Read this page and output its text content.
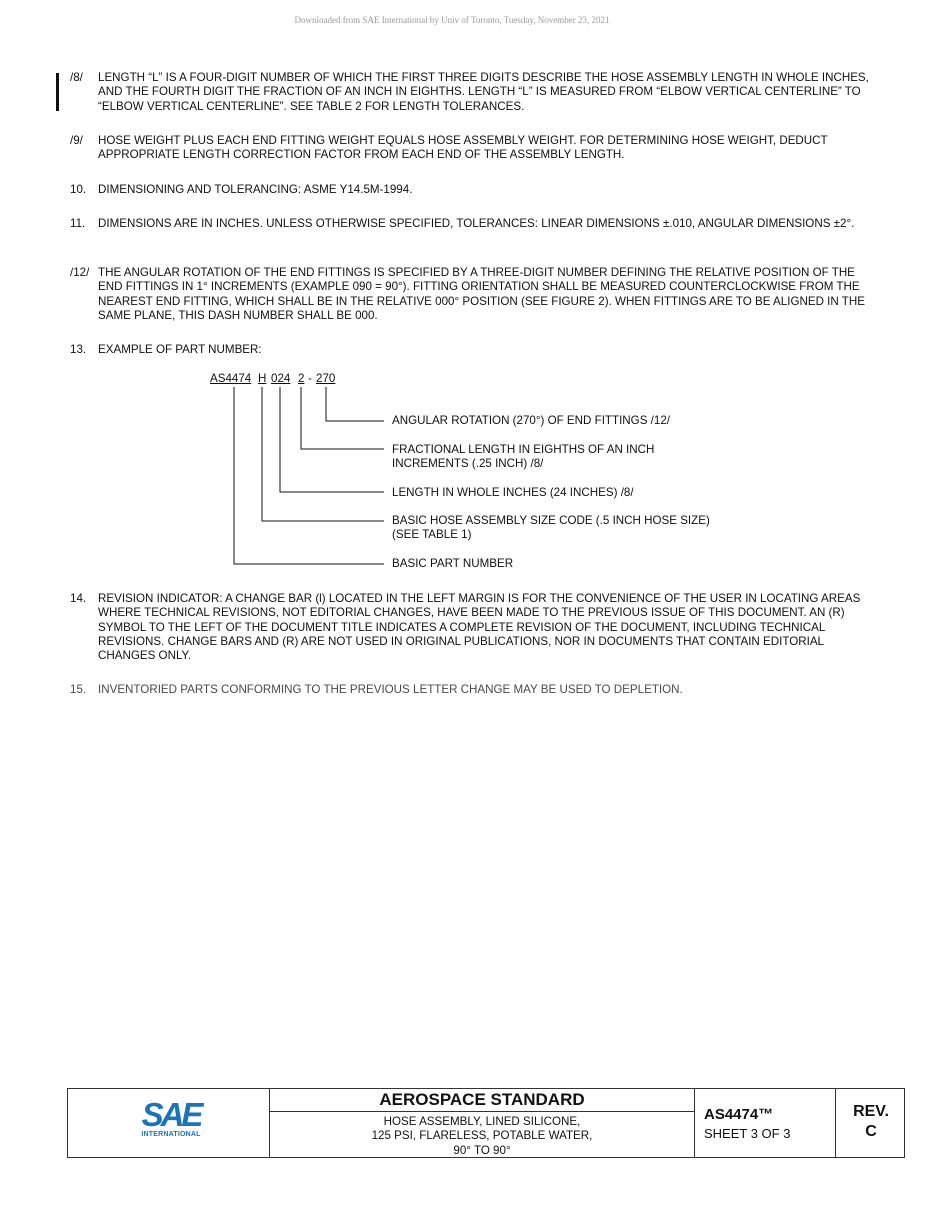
Downloaded from SAE International by Univ of Toronto, Tuesday, November 23, 2021
/8/ LENGTH “L” IS A FOUR-DIGIT NUMBER OF WHICH THE FIRST THREE DIGITS DESCRIBE THE HOSE ASSEMBLY LENGTH IN WHOLE INCHES, AND THE FOURTH DIGIT THE FRACTION OF AN INCH IN EIGHTHS. LENGTH “L” IS MEASURED FROM “ELBOW VERTICAL CENTERLINE” TO “ELBOW VERTICAL CENTERLINE”. SEE TABLE 2 FOR LENGTH TOLERANCES.
/9/ HOSE WEIGHT PLUS EACH END FITTING WEIGHT EQUALS HOSE ASSEMBLY WEIGHT. FOR DETERMINING HOSE WEIGHT, DEDUCT APPROPRIATE LENGTH CORRECTION FACTOR FROM EACH END OF THE ASSEMBLY LENGTH.
10. DIMENSIONING AND TOLERANCING: ASME Y14.5M-1994.
11. DIMENSIONS ARE IN INCHES. UNLESS OTHERWISE SPECIFIED, TOLERANCES: LINEAR DIMENSIONS ±.010, ANGULAR DIMENSIONS ±2°.
/12/ THE ANGULAR ROTATION OF THE END FITTINGS IS SPECIFIED BY A THREE-DIGIT NUMBER DEFINING THE RELATIVE POSITION OF THE END FITTINGS IN 1° INCREMENTS (EXAMPLE 090 = 90°). FITTING ORIENTATION SHALL BE MEASURED COUNTERCLOCKWISE FROM THE NEAREST END FITTING, WHICH SHALL BE IN THE RELATIVE 000° POSITION (SEE FIGURE 2). WHEN FITTINGS ARE TO BE ALIGNED IN THE SAME PLANE, THIS DASH NUMBER SHALL BE 000.
13. EXAMPLE OF PART NUMBER:
AS4474 H 024 2 - 270
ANGULAR ROTATION (270°) OF END FITTINGS /12/
FRACTIONAL LENGTH IN EIGHTHS OF AN INCH
INCREMENTS (.25 INCH) /8/
LENGTH IN WHOLE INCHES (24 INCHES) /8/
BASIC HOSE ASSEMBLY SIZE CODE (.5 INCH HOSE SIZE)
(SEE TABLE 1)
BASIC PART NUMBER
14. REVISION INDICATOR: A CHANGE BAR (l) LOCATED IN THE LEFT MARGIN IS FOR THE CONVENIENCE OF THE USER IN LOCATING AREAS WHERE TECHNICAL REVISIONS, NOT EDITORIAL CHANGES, HAVE BEEN MADE TO THE PREVIOUS ISSUE OF THIS DOCUMENT. AN (R) SYMBOL TO THE LEFT OF THE DOCUMENT TITLE INDICATES A COMPLETE REVISION OF THE DOCUMENT, INCLUDING TECHNICAL REVISIONS. CHANGE BARS AND (R) ARE NOT USED IN ORIGINAL PUBLICATIONS, NOR IN DOCUMENTS THAT CONTAIN EDITORIAL CHANGES ONLY.
15. INVENTORIED PARTS CONFORMING TO THE PREVIOUS LETTER CHANGE MAY BE USED TO DEPLETION.
SAE
INTERNATIONAL
AEROSPACE STANDARD
HOSE ASSEMBLY, LINED SILICONE,
125 PSI, FLARELESS, POTABLE WATER,
90° TO 90°
AS4474™
SHEET 3 OF 3
REV.
C
